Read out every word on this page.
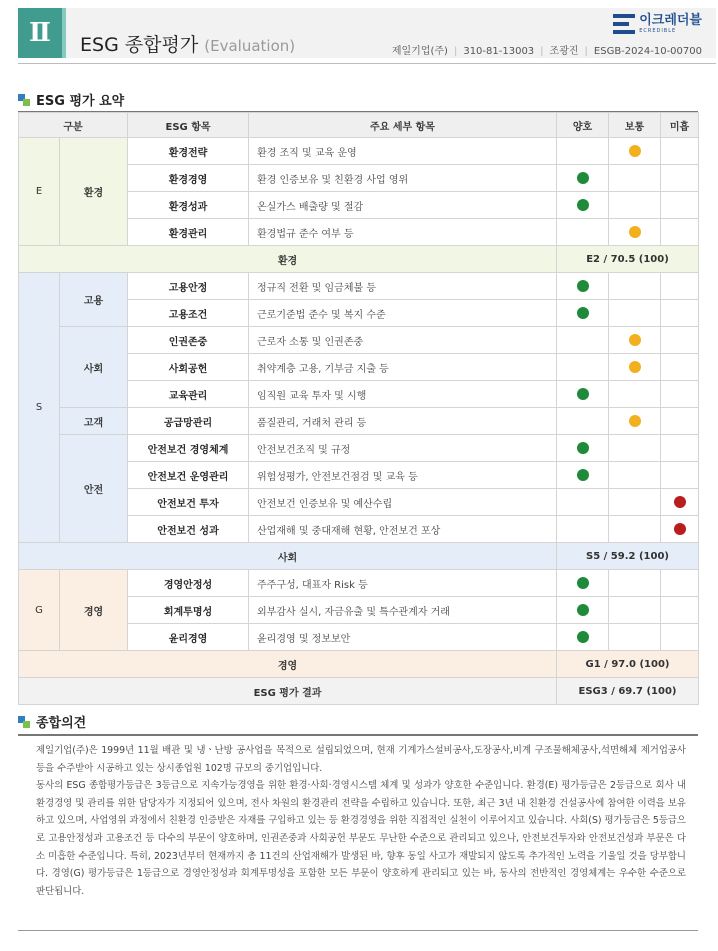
Ⅱ	ESG 종합평가 (Evaluation)
이크레더블
ECREDIBLE
제일기업(주) | 310-81-13003 | 조광진 | ESGB-2024-10-00700
ESG 평가 요약
구분		ESG 항목	주요 세부 항목	양호	보통	미흡
E	환경	환경전략	환경 조직 및 교육 운영			
		환경경영	환경 인증보유 및 친환경 사업 영위			
		환경성과	온실가스 배출량 및 절감			
		환경관리	환경법규 준수 여부 등			
환경				E2 / 70.5 (100)		
S	고용	고용안정	정규직 전환 및 임금체불 등			
		고용조건	근로기준법 준수 및 복지 수준			
	사회	인권존중	근로자 소통 및 인권존중			
		사회공헌	취약계층 고용, 기부금 지출 등			
		교육관리	임직원 교육 투자 및 시행			
	고객	공급망관리	품질관리, 거래처 관리 등			
	안전	안전보건 경영체계	안전보건조직 및 규정			
		안전보건 운영관리	위험성평가, 안전보건점검 및 교육 등			
		안전보건 투자	안전보건 인증보유 및 예산수립			
		안전보건 성과	산업재해 및 중대재해 현황, 안전보건 포상			
사회				S5 / 59.2 (100)		
G	경영	경영안정성	주주구성, 대표자 Risk 등			
		회계투명성	외부감사 실시, 자금유출 및 특수관계자 거래			
		윤리경영	윤리경영 및 정보보안			
경영				G1 / 97.0 (100)		
ESG 평가 결과				ESG3 / 69.7 (100)		
종합의견

제일기업(주)은 1999년 11월 배관 및 냉ㆍ난방 공사업을 목적으로 설립되었으며, 현재 기계가스설비공사,도장공사,비계 구조물해체공사,석면해체 제거업공사 등을 수주받아 시공하고 있는 상시종업원 102명 규모의 중기업입니다.

동사의 ESG 종합평가등급은 3등급으로 지속가능경영을 위한 환경·사회·경영시스템 체계 및 성과가 양호한 수준입니다. 환경(E) 평가등급은 2등급으로 회사 내 환경경영 및 관리를 위한 담당자가 지정되어 있으며, 전사 차원의 환경관리 전략을 수립하고 있습니다. 또한, 최근 3년 내 친환경 건설공사에 참여한 이력을 보유하고 있으며, 사업영위 과정에서 친환경 인증받은 자재를 구입하고 있는 등 환경경영을 위한 직접적인 실천이 이루어지고 있습니다. 사회(S) 평가등급은 5등급으로 고용안정성과 고용조건 등 다수의 부문이 양호하며, 인권존중과 사회공헌 부문도 무난한 수준으로 관리되고 있으나, 안전보건투자와 안전보건성과 부문은 다소 미흡한 수준입니다. 특히, 2023년부터 현재까지 총 11건의 산업재해가 발생된 바, 향후 동일 사고가 재발되지 않도록 추가적인 노력을 기울일 것을 당부합니다. 경영(G) 평가등급은 1등급으로 경영안정성과 회계투명성을 포함한 모든 부문이 양호하게 관리되고 있는 바, 동사의 전반적인 경영체계는 우수한 수준으로 판단됩니다.
